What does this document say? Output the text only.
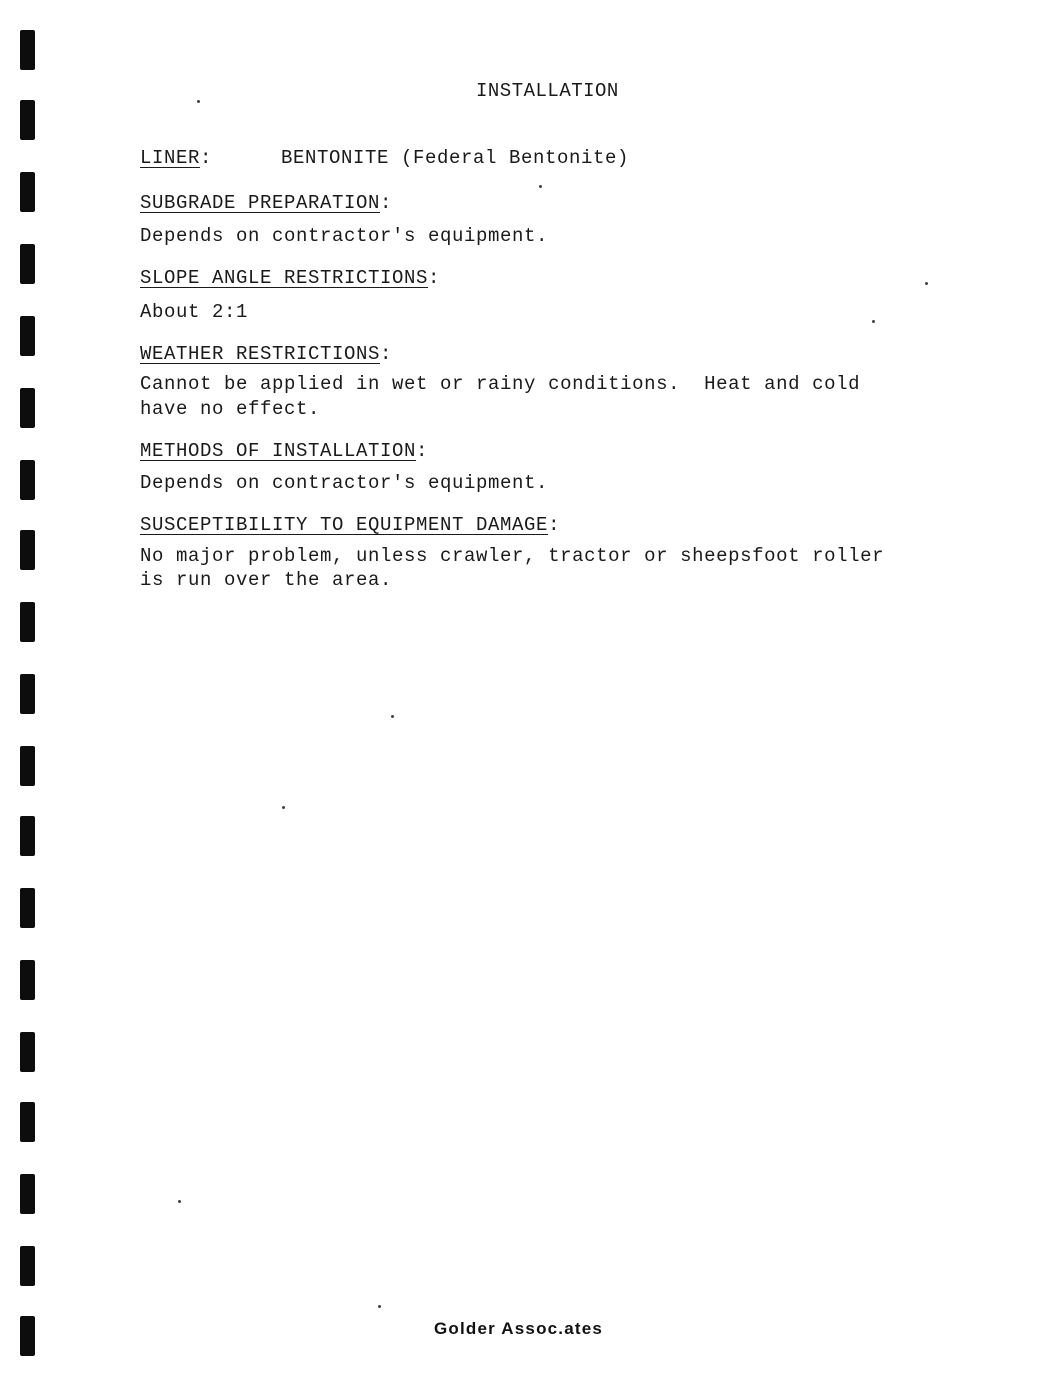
INSTALLATION
LINER:	BENTONITE (Federal Bentonite)
SUBGRADE PREPARATION:
Depends on contractor's equipment.
SLOPE ANGLE RESTRICTIONS:
About 2:1
WEATHER RESTRICTIONS:
Cannot be applied in wet or rainy conditions.  Heat and cold
have no effect.
METHODS OF INSTALLATION:
Depends on contractor's equipment.
SUSCEPTIBILITY TO EQUIPMENT DAMAGE:
No major problem, unless crawler, tractor or sheepsfoot roller
is run over the area.
Golder Assoc.ates
